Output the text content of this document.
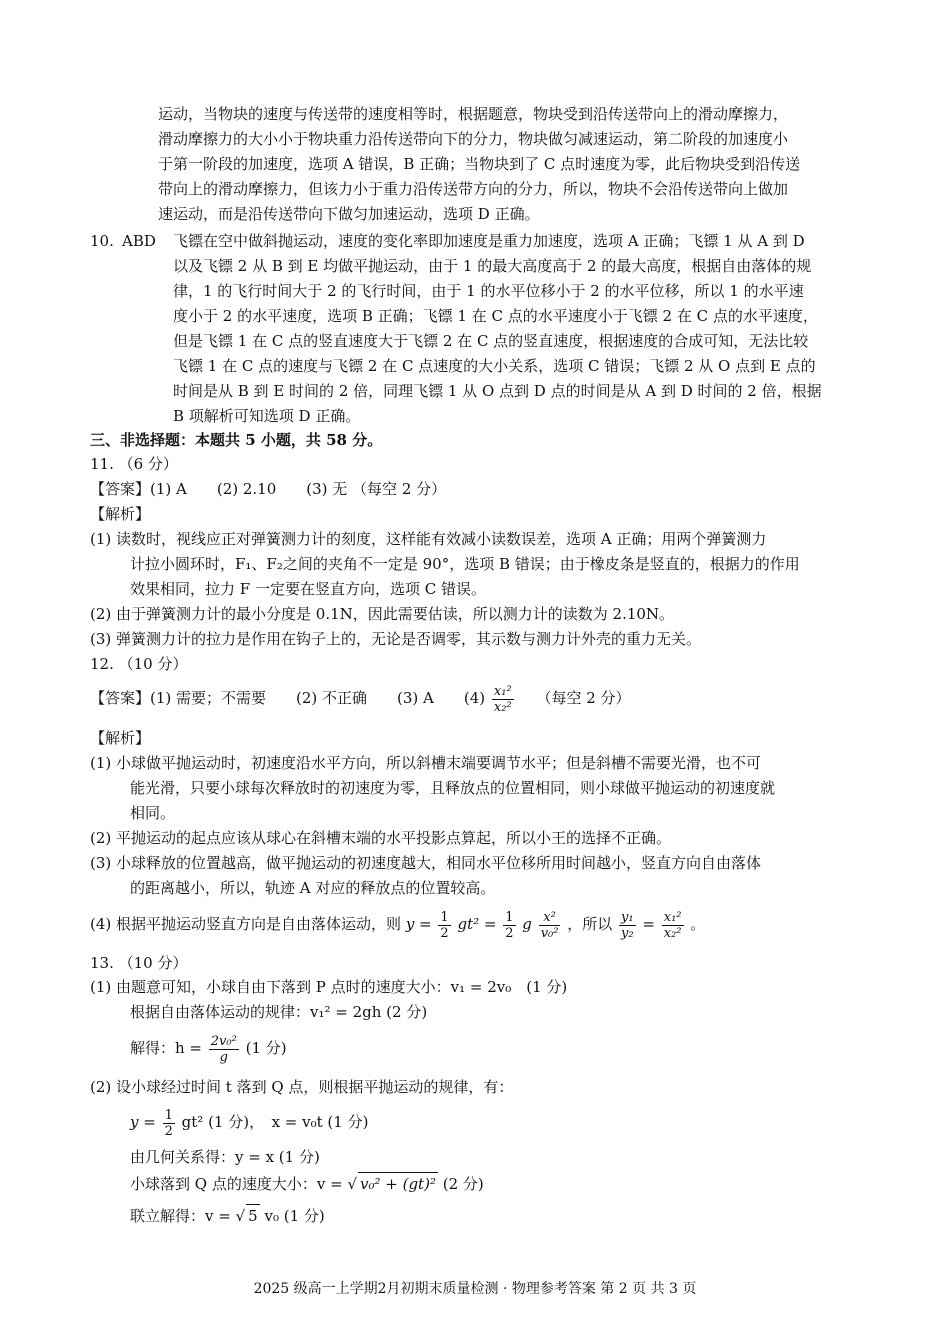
运动，当物块的速度与传送带的速度相等时，根据题意，物块受到沿传送带向上的滑动摩擦力，
滑动摩擦力的大小小于物块重力沿传送带向下的分力，物块做匀减速运动，第二阶段的加速度小
于第一阶段的加速度，选项 A 错误，B 正确；当物块到了 C 点时速度为零，此后物块受到沿传送
带向上的滑动摩擦力，但该力小于重力沿传送带方向的分力，所以，物块不会沿传送带向上做加
速运动，而是沿传送带向下做匀加速运动，选项 D 正确。
10. ABD 飞镖在空中做斜抛运动，速度的变化率即加速度是重力加速度，选项 A 正确；飞镖 1 从 A 到 D
以及飞镖 2 从 B 到 E 均做平抛运动，由于 1 的最大高度高于 2 的最大高度，根据自由落体的规
律，1 的飞行时间大于 2 的飞行时间，由于 1 的水平位移小于 2 的水平位移，所以 1 的水平速
度小于 2 的水平速度，选项 B 正确；飞镖 1 在 C 点的水平速度小于飞镖 2 在 C 点的水平速度，
但是飞镖 1 在 C 点的竖直速度大于飞镖 2 在 C 点的竖直速度，根据速度的合成可知，无法比较
飞镖 1 在 C 点的速度与飞镖 2 在 C 点速度的大小关系，选项 C 错误；飞镖 2 从 O 点到 E 点的
时间是从 B 到 E 时间的 2 倍，同理飞镖 1 从 O 点到 D 点的时间是从 A 到 D 时间的 2 倍，根据
B 项解析可知选项 D 正确。
三、非选择题：本题共 5 小题，共 58 分。
11. （6 分）
【答案】(1) A　　(2) 2.10　　(3) 无 （每空 2 分）
【解析】
(1) 读数时，视线应正对弹簧测力计的刻度，这样能有效减小读数误差，选项 A 正确；用两个弹簧测力
计拉小圆环时，F₁、F₂之间的夹角不一定是 90°，选项 B 错误；由于橡皮条是竖直的，根据力的作用
效果相同，拉力 F 一定要在竖直方向，选项 C 错误。
(2) 由于弹簧测力计的最小分度是 0.1N，因此需要估读，所以测力计的读数为 2.10N。
(3) 弹簧测力计的拉力是作用在钩子上的，无论是否调零，其示数与测力计外壳的重力无关。
12. （10 分）
【答案】(1) 需要；不需要　　(2) 不正确　　(3) A　　$(4) \frac{\text{x₁²}}{\text{x₂²}}$ （每空 2 分）
【解析】
(1) 小球做平抛运动时，初速度沿水平方向，所以斜槽末端要调节水平；但是斜槽不需要光滑，也不可
能光滑，只要小球每次释放时的初速度为零，且释放点的位置相同，则小球做平抛运动的初速度就
相同。
(2) 平抛运动的起点应该从球心在斜槽末端的水平投影点算起，所以小王的选择不正确。
(3) 小球释放的位置越高，做平抛运动的初速度越大，相同水平位移所用时间越小，竖直方向自由落体
的距离越小，所以，轨迹 A 对应的释放点的位置较高。
(4) 根据平抛运动竖直方向是自由落体运动，则 $y = \frac{1}{2} gt^2 = \frac{1}{2}$ g $\frac{\text{x²}}{\text{v₀²}}$ ，所以 $\frac{\text{y₁}}{\text{y₂}} = \frac{\text{x₁²}}{\text{x₂²}}$ 。
13. （10 分）
(1) 由题意可知，小球自由下落到 P 点时的速度大小：v₁ = 2v₀　(1 分)
根据自由落体运动的规律：v₁² = 2gh (2 分)
解得：$h = \frac{\text{2v₀²}}{g} (1$ 分)
(2) 设小球经过时间 t 落到 Q 点，则根据平抛运动的规律，有：
$y = \frac{1}{2} gt^2$ (1 分)，　x = v₀t (1 分)
由几何关系得：y = x (1 分)
小球落到 Q 点的速度大小：v = √ v₀² + (gt)² (2 分)
联立解得：v = √ 5 v₀ (1 分)
2025 级高一上学期2月初期末质量检测 · 物理参考答案 第 2 页 共 3 页
